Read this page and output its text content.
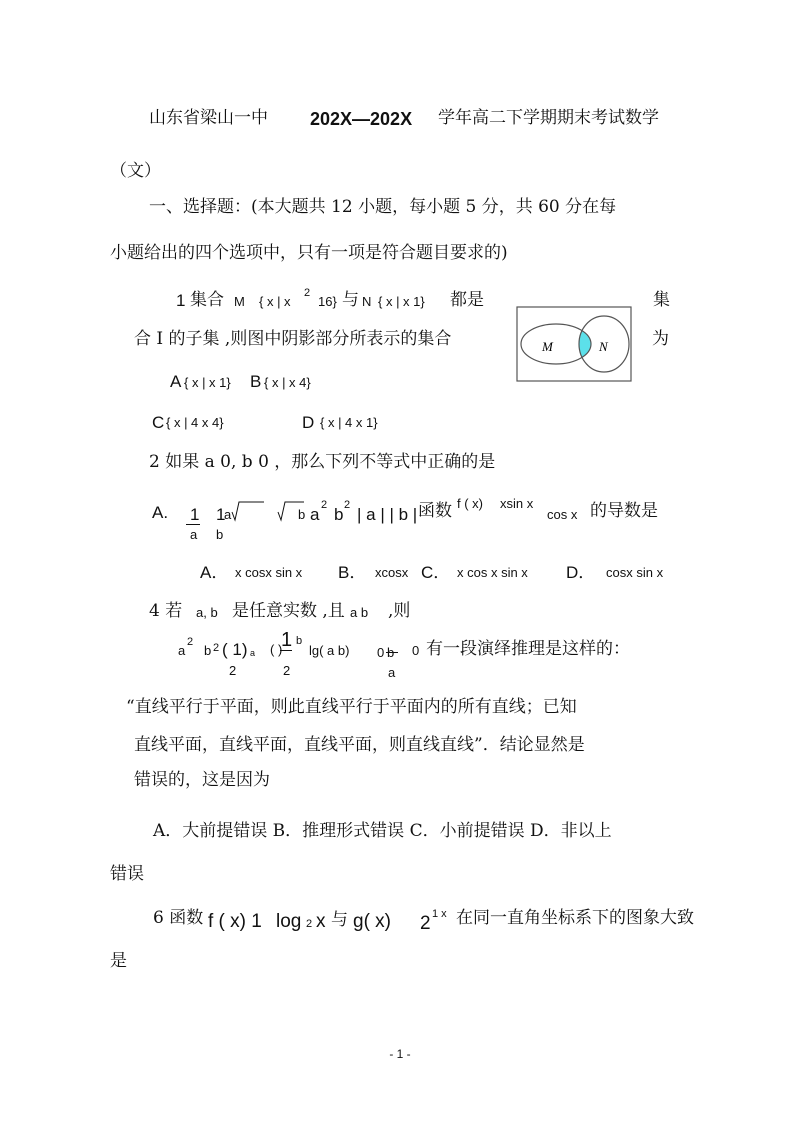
山东省梁山一中 202X—202X 学年高二下学期期末考试数学
（文）
一、选择题：(本大题共 12 小题，每小题 5 分，共 60 分在每
小题给出的四个选项中，只有一项是符合题目要求的)
1 集合 M { x | x
2
16} 与 N { x | x 1} 都是	集
合 I 的子集 ,则图中阴影部分所表示的集合	为
M	N
A { x | x 1} B { x | x 4}
C { x | 4 x 4}	D { x | 4 x 1}
2 如果 a 0, b 0 ，那么下列不等式中正确的是
A. 1
a
1
b
a	b a 2 b 2 | a | | b | 函数 f ( x) xsin x
cos x 的导数是
A． x cosx sin x B． xcosx C． x cos x sin x D． cosx sin x
4 若 a, b 是任意实数 ,且 a b ,则
a
2
b 2 ( 1) a
2
1
( )
b
2
lg( a b) 0 b
a
0 有一段演绎推理是这样的：
“直线平行于平面，则此直线平行于平面内的所有直线；已知
直线平面，直线平面，直线平面，则直线直线”．结论显然是
错误的，这是因为
A．大前提错误 B．推理形式错误 C．小前提错误 D．非以上
错误
6 函数 f ( x) 1 log 2 x 与 g( x) 2 1 x 在同一直角坐标系下的图象大致
是
- 1 -
